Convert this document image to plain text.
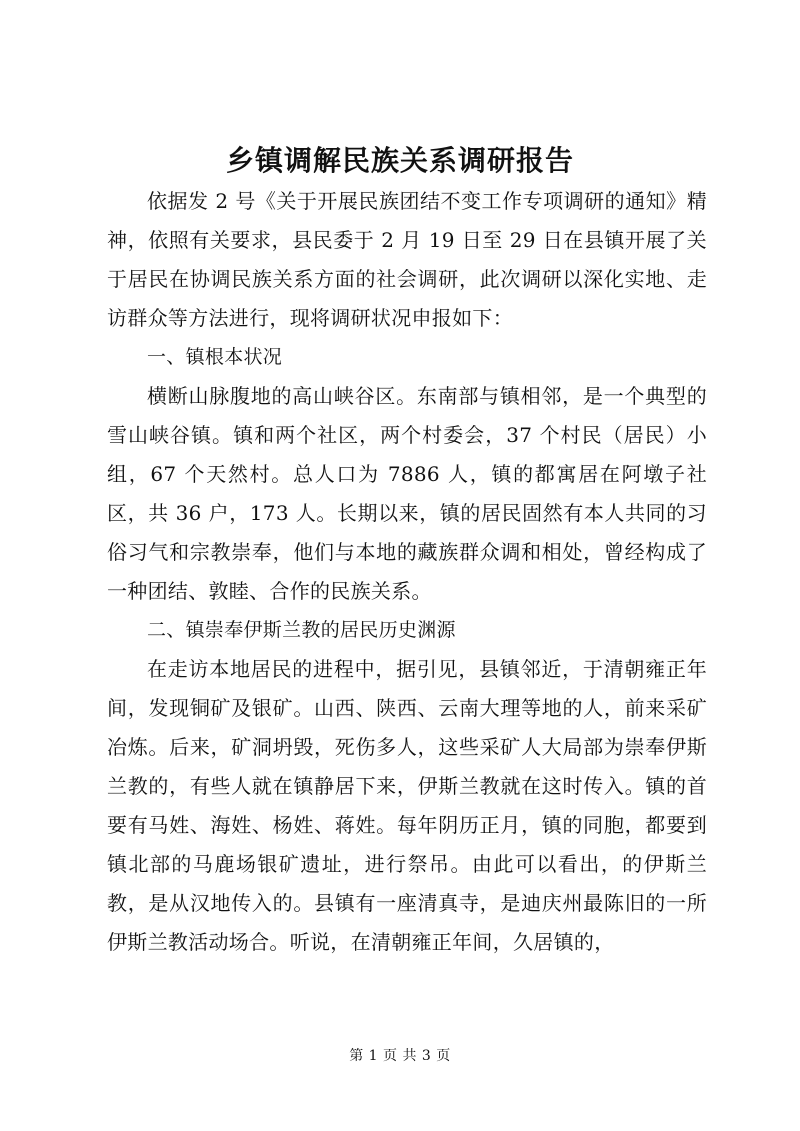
乡镇调解民族关系调研报告

依据发 2 号《关于开展民族团结不变工作专项调研的通知》精神，依照有关要求，县民委于 2 月 19 日至 29 日在县镇开展了关于居民在协调民族关系方面的社会调研，此次调研以深化实地、走访群众等方法进行，现将调研状况申报如下：

一、镇根本状况

横断山脉腹地的高山峡谷区。东南部与镇相邻，是一个典型的雪山峡谷镇。镇和两个社区，两个村委会，37 个村民（居民）小组，67 个天然村。总人口为 7886 人，镇的都寓居在阿墩子社区，共 36 户，173 人。长期以来，镇的居民固然有本人共同的习俗习气和宗教崇奉，他们与本地的藏族群众调和相处，曾经构成了一种团结、敦睦、合作的民族关系。

二、镇崇奉伊斯兰教的居民历史渊源

在走访本地居民的进程中，据引见，县镇邻近，于清朝雍正年间，发现铜矿及银矿。山西、陕西、云南大理等地的人，前来采矿冶炼。后来，矿洞坍毁，死伤多人，这些采矿人大局部为崇奉伊斯兰教的，有些人就在镇静居下来，伊斯兰教就在这时传入。镇的首要有马姓、海姓、杨姓、蒋姓。每年阴历正月，镇的同胞，都要到镇北部的马鹿场银矿遗址，进行祭吊。由此可以看出，的伊斯兰教，是从汉地传入的。县镇有一座清真寺，是迪庆州最陈旧的一所伊斯兰教活动场合。听说，在清朝雍正年间，久居镇的，

第 1 页 共 3 页
